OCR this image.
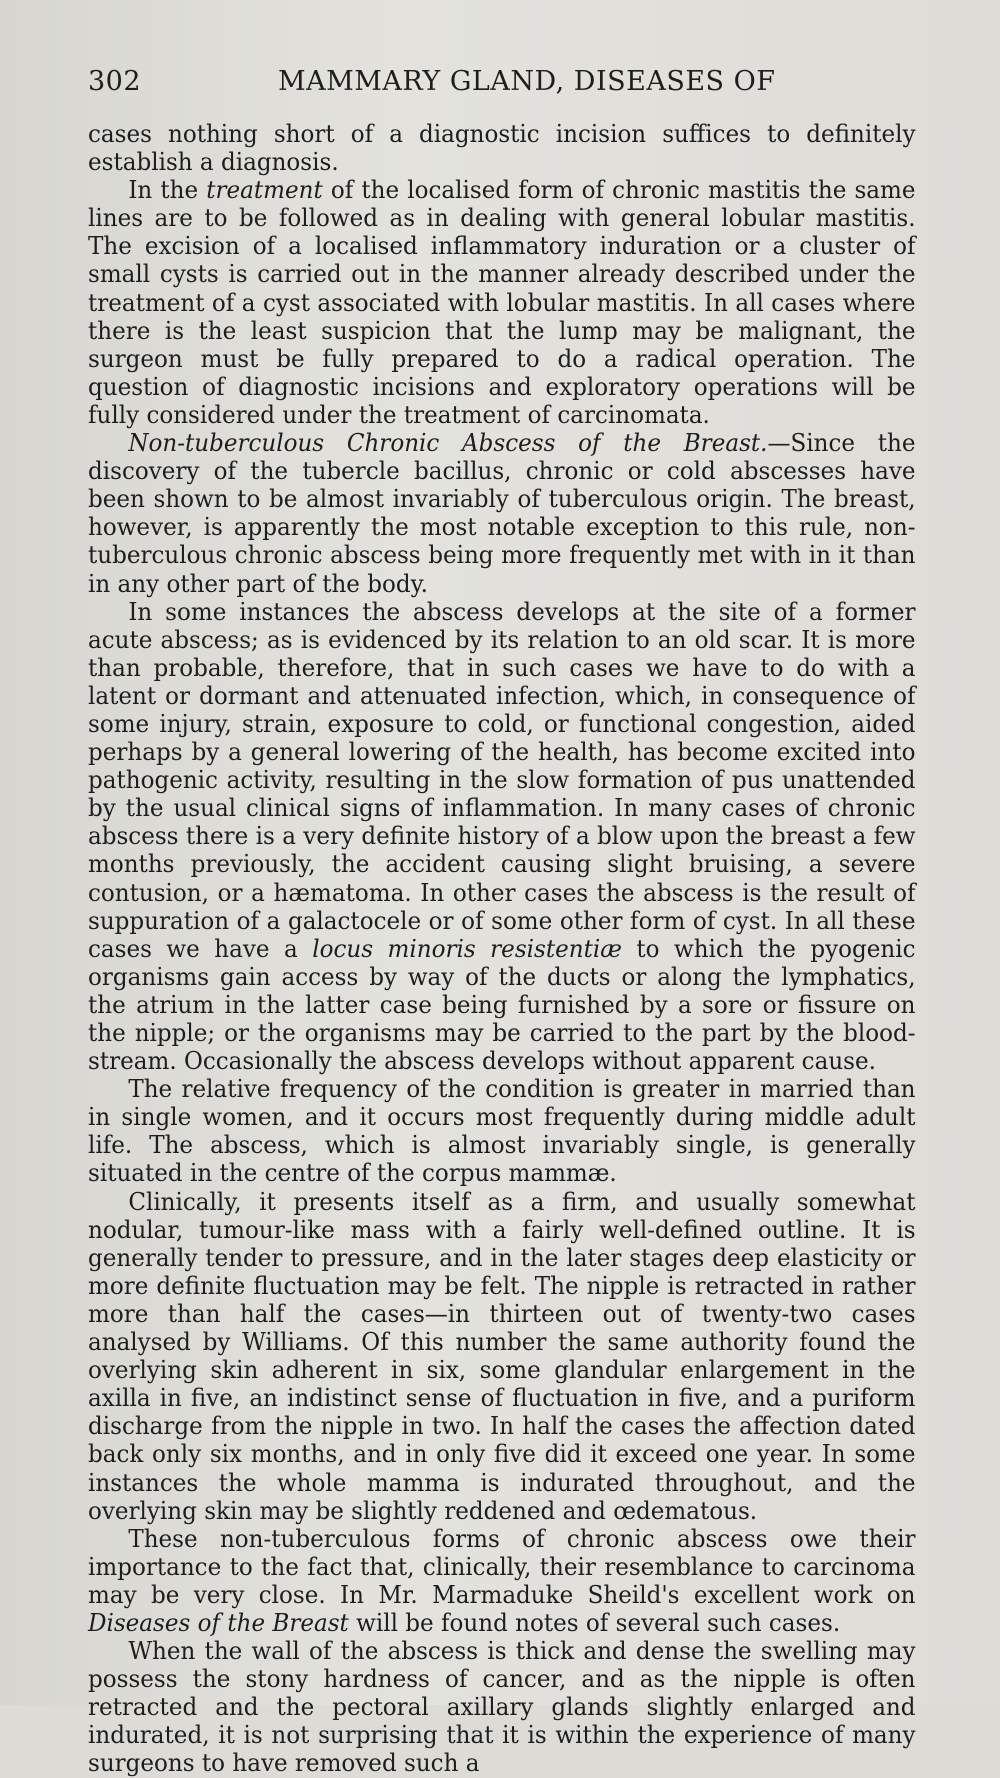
302	MAMMARY GLAND, DISEASES OF

cases nothing short of a diagnostic incision suffices to definitely establish a diagnosis.

In the treatment of the localised form of chronic mastitis the same lines are to be followed as in dealing with general lobular mastitis. The excision of a localised inflammatory induration or a cluster of small cysts is carried out in the manner already described under the treatment of a cyst associated with lobular mastitis. In all cases where there is the least suspicion that the lump may be malignant, the surgeon must be fully prepared to do a radical operation. The question of diagnostic incisions and exploratory operations will be fully considered under the treatment of carcinomata.

Non-tuberculous Chronic Abscess of the Breast.—Since the discovery of the tubercle bacillus, chronic or cold abscesses have been shown to be almost invariably of tuberculous origin. The breast, however, is apparently the most notable exception to this rule, non-tuberculous chronic abscess being more frequently met with in it than in any other part of the body.

In some instances the abscess develops at the site of a former acute abscess; as is evidenced by its relation to an old scar. It is more than probable, therefore, that in such cases we have to do with a latent or dormant and attenuated infection, which, in consequence of some injury, strain, exposure to cold, or functional congestion, aided perhaps by a general lowering of the health, has become excited into pathogenic activity, resulting in the slow formation of pus unattended by the usual clinical signs of inflammation. In many cases of chronic abscess there is a very definite history of a blow upon the breast a few months previously, the accident causing slight bruising, a severe contusion, or a hæmatoma. In other cases the abscess is the result of suppuration of a galactocele or of some other form of cyst. In all these cases we have a locus minoris resistentiæ to which the pyogenic organisms gain access by way of the ducts or along the lymphatics, the atrium in the latter case being furnished by a sore or fissure on the nipple; or the organisms may be carried to the part by the blood-stream. Occasionally the abscess develops without apparent cause.

The relative frequency of the condition is greater in married than in single women, and it occurs most frequently during middle adult life. The abscess, which is almost invariably single, is generally situated in the centre of the corpus mammæ.

Clinically, it presents itself as a firm, and usually somewhat nodular, tumour-like mass with a fairly well-defined outline. It is generally tender to pressure, and in the later stages deep elasticity or more definite fluctuation may be felt. The nipple is retracted in rather more than half the cases—in thirteen out of twenty-two cases analysed by Williams. Of this number the same authority found the overlying skin adherent in six, some glandular enlargement in the axilla in five, an indistinct sense of fluctuation in five, and a puriform discharge from the nipple in two. In half the cases the affection dated back only six months, and in only five did it exceed one year. In some instances the whole mamma is indurated throughout, and the overlying skin may be slightly reddened and œdematous.

These non-tuberculous forms of chronic abscess owe their importance to the fact that, clinically, their resemblance to carcinoma may be very close. In Mr. Marmaduke Sheild's excellent work on Diseases of the Breast will be found notes of several such cases.

When the wall of the abscess is thick and dense the swelling may possess the stony hardness of cancer, and as the nipple is often retracted and the pectoral axillary glands slightly enlarged and indurated, it is not surprising that it is within the experience of many surgeons to have removed such a
